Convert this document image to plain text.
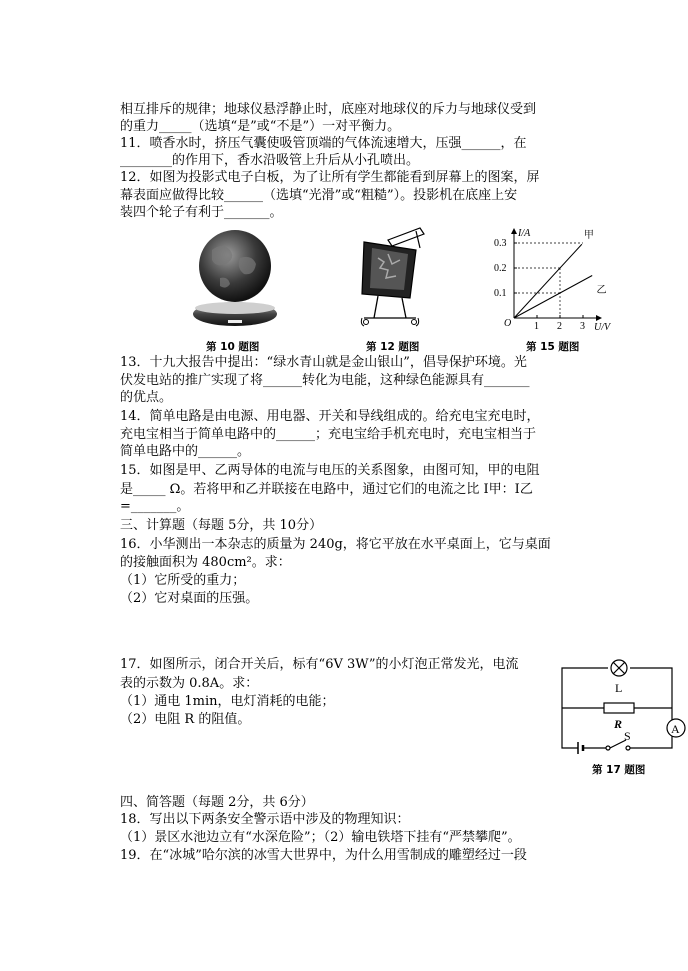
相互排斥的规律；地球仪悬浮静止时，底座对地球仪的斥力与地球仪受到
的重力_____（选填“是”或“不是”）一对平衡力。
11．喷香水时，挤压气囊使吸管顶端的气体流速增大，压强______，在
________的作用下，香水沿吸管上升后从小孔喷出。
12．如图为投影式电子白板，为了让所有学生都能看到屏幕上的图案，屏
幕表面应做得比较______（选填“光滑”或“粗糙”）。投影机在底座上安
装四个轮子有利于_______。
第 10 题图	第 12 题图
1 2 3
0.1
0.2
0.3
甲
乙
I/A
U/V
O
第 15 题图
13．十九大报告中提出：“绿水青山就是金山银山”，倡导保护环境。光
伏发电站的推广实现了将______转化为电能，这种绿色能源具有_______
的优点。
14．简单电路是由电源、用电器、开关和导线组成的。给充电宝充电时，
充电宝相当于简单电路中的______；充电宝给手机充电时，充电宝相当于
简单电路中的______。
15．如图是甲、乙两导体的电流与电压的关系图象，由图可知，甲的电阻
是_____ Ω。若将甲和乙并联接在电路中，通过它们的电流之比 I甲：I乙
=_______。
三、计算题（每题 5分，共 10分）
16．小华测出一本杂志的质量为 240g，将它平放在水平桌面上，它与桌面
的接触面积为 480cm²。求：
（1）它所受的重力；
（2）它对桌面的压强。
17．如图所示，闭合开关后，标有“6V 3W”的小灯泡正常发光，电流
表的示数为 0.8A。求：
（1）通电 1min，电灯消耗的电能；
（2）电阻 R 的阻值。
L
R
S	A
第 17 题图
四、简答题（每题 2分，共 6分）
18．写出以下两条安全警示语中涉及的物理知识：
（1）景区水池边立有“水深危险”；（2）输电铁塔下挂有“严禁攀爬”。
19．在“冰城”哈尔滨的冰雪大世界中，为什么用雪制成的雕塑经过一段
